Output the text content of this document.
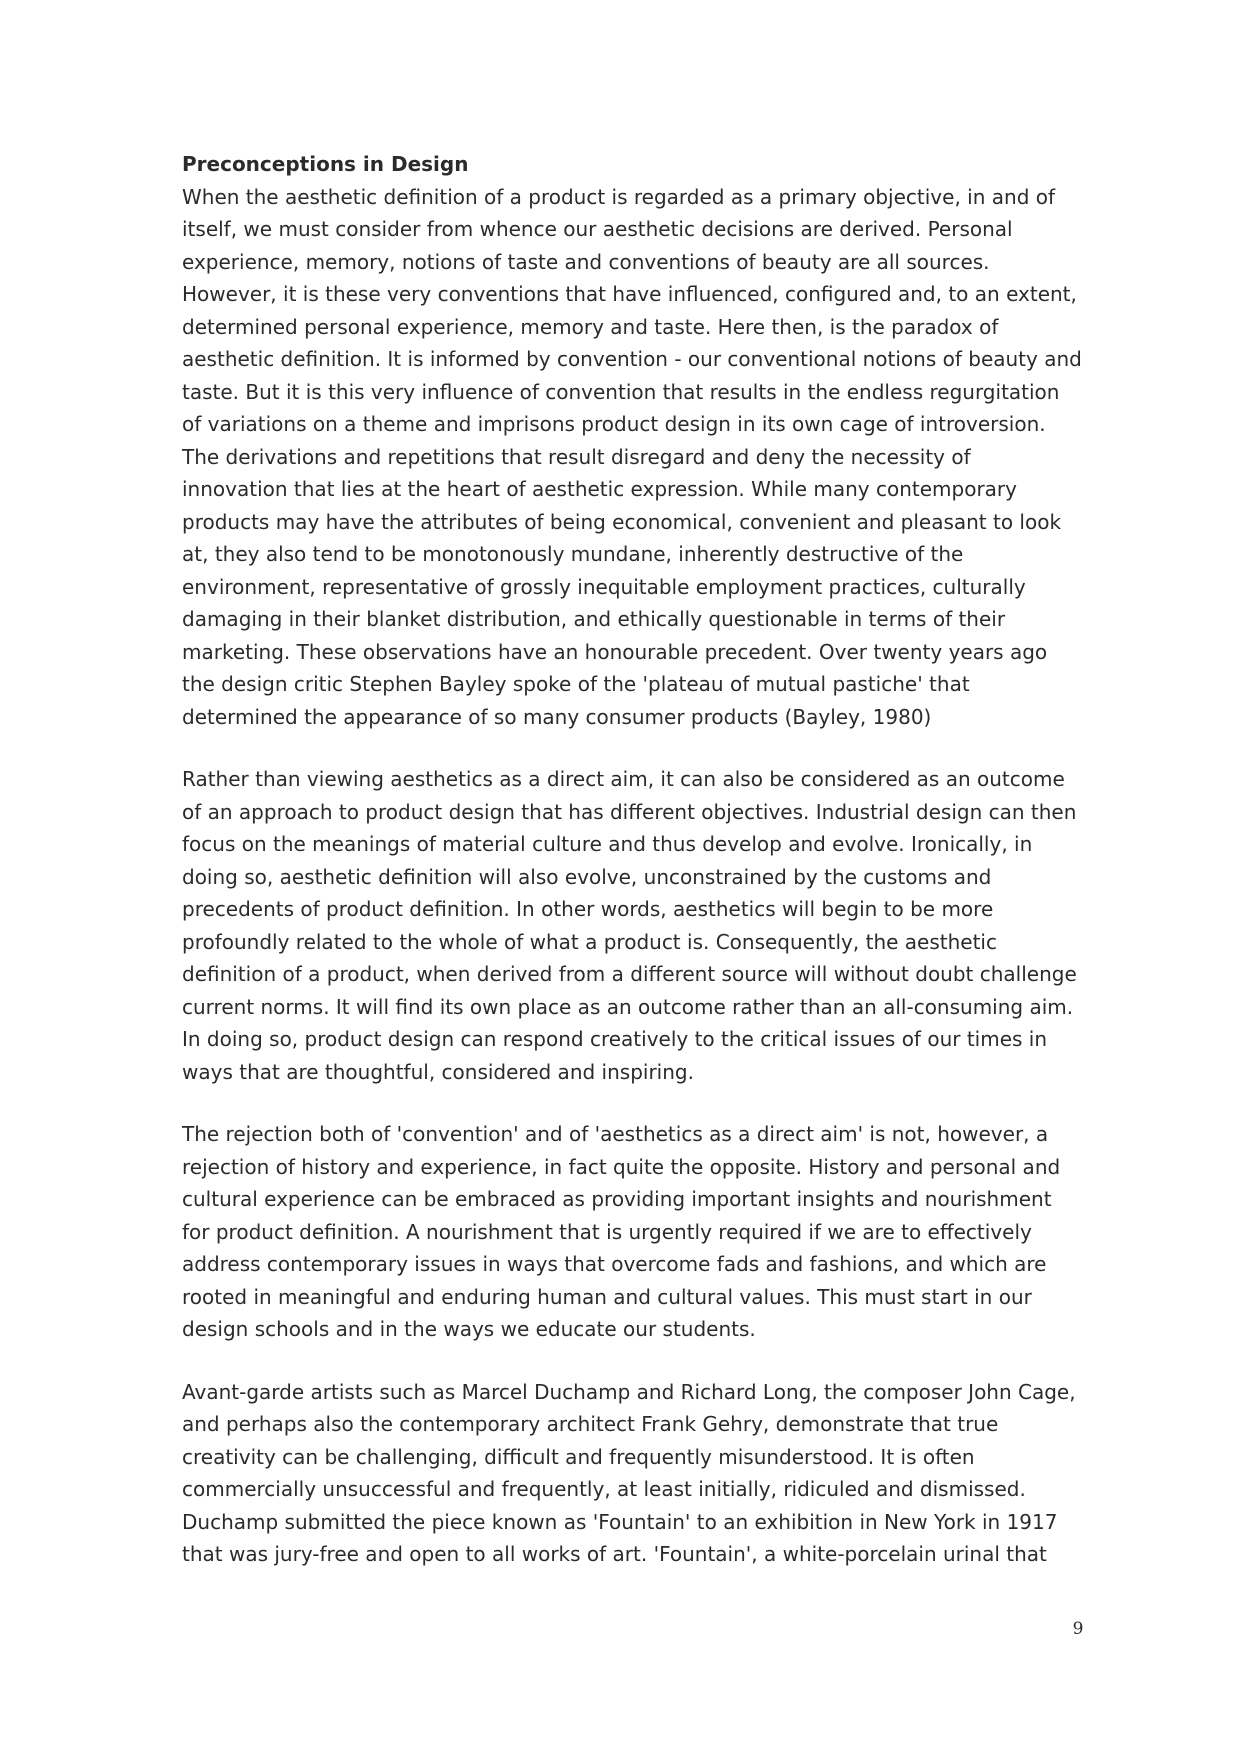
Preconceptions in Design

When the aesthetic definition of a product is regarded as a primary objective, in and of itself, we must consider from whence our aesthetic decisions are derived. Personal experience, memory, notions of taste and conventions of beauty are all sources. However, it is these very conventions that have influenced, configured and, to an extent, determined personal experience, memory and taste. Here then, is the paradox of aesthetic definition. It is informed by convention - our conventional notions of beauty and taste. But it is this very influence of convention that results in the endless regurgitation of variations on a theme and imprisons product design in its own cage of introversion. The derivations and repetitions that result disregard and deny the necessity of innovation that lies at the heart of aesthetic expression. While many contemporary products may have the attributes of being economical, convenient and pleasant to look at, they also tend to be monotonously mundane, inherently destructive of the environment, representative of grossly inequitable employment practices, culturally damaging in their blanket distribution, and ethically questionable in terms of their marketing. These observations have an honourable precedent. Over twenty years ago the design critic Stephen Bayley spoke of the 'plateau of mutual pastiche' that determined the appearance of so many consumer products (Bayley, 1980)

Rather than viewing aesthetics as a direct aim, it can also be considered as an outcome of an approach to product design that has different objectives. Industrial design can then focus on the meanings of material culture and thus develop and evolve. Ironically, in doing so, aesthetic definition will also evolve, unconstrained by the customs and precedents of product definition. In other words, aesthetics will begin to be more profoundly related to the whole of what a product is. Consequently, the aesthetic definition of a product, when derived from a different source will without doubt challenge current norms. It will find its own place as an outcome rather than an all-consuming aim. In doing so, product design can respond creatively to the critical issues of our times in ways that are thoughtful, considered and inspiring.

The rejection both of 'convention' and of 'aesthetics as a direct aim' is not, however, a rejection of history and experience, in fact quite the opposite. History and personal and cultural experience can be embraced as providing important insights and nourishment for product definition. A nourishment that is urgently required if we are to effectively address contemporary issues in ways that overcome fads and fashions, and which are rooted in meaningful and enduring human and cultural values. This must start in our design schools and in the ways we educate our students.

Avant-garde artists such as Marcel Duchamp and Richard Long, the composer John Cage, and perhaps also the contemporary architect Frank Gehry, demonstrate that true creativity can be challenging, difficult and frequently misunderstood. It is often commercially unsuccessful and frequently, at least initially, ridiculed and dismissed. Duchamp submitted the piece known as 'Fountain' to an exhibition in New York in 1917 that was jury-free and open to all works of art. 'Fountain', a white-porcelain urinal that

9
